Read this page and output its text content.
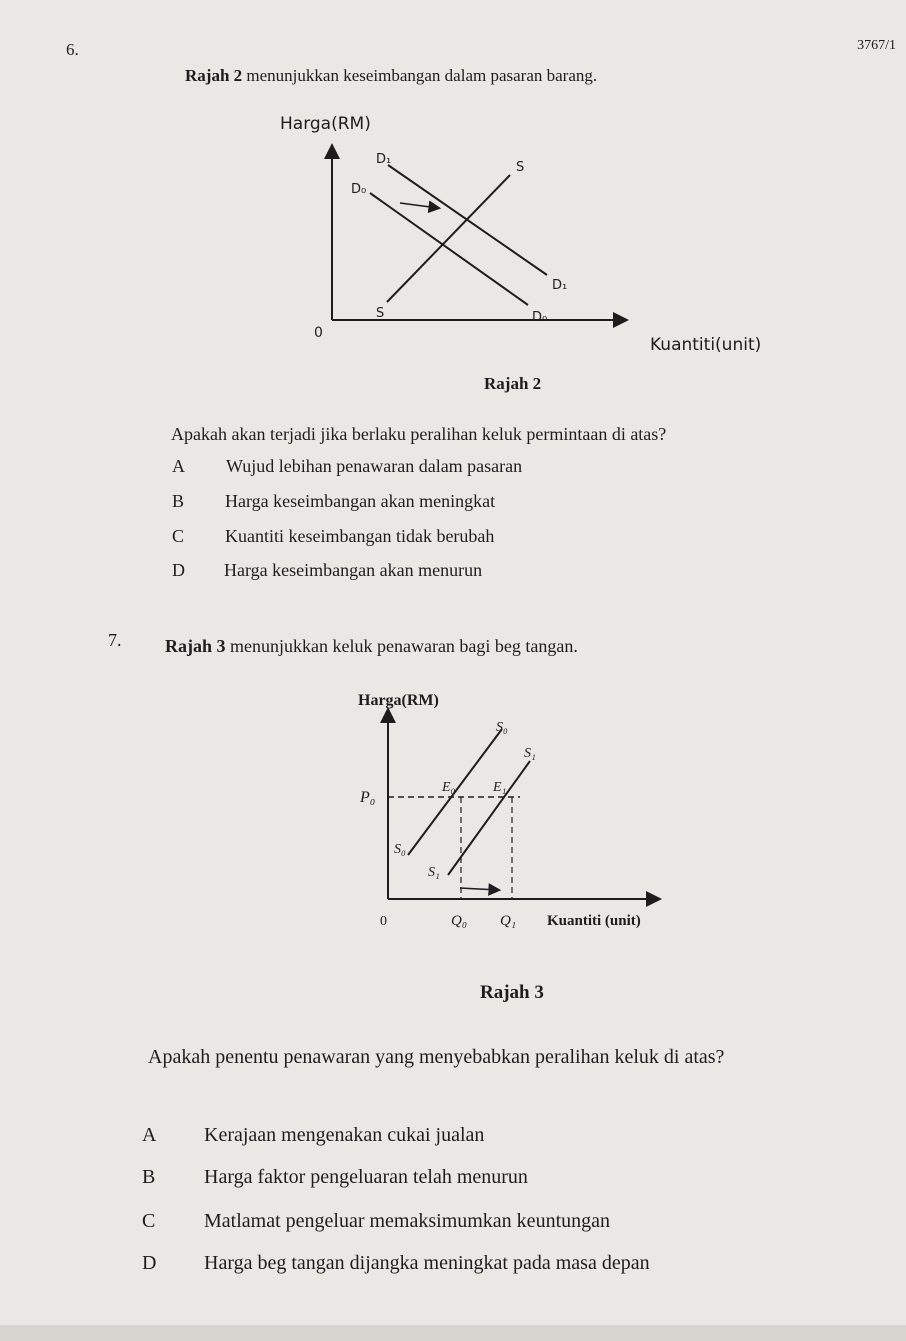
3767/1
6.
Rajah 2 menunjukkan keseimbangan dalam pasaran barang.
Harga(RM)
0
Kuantiti(unit)
D₁
D₀
S
D₁
S	D₀
Rajah 2
Apakah akan terjadi jika berlaku peralihan keluk permintaan di atas?
A Wujud lebihan penawaran dalam pasaran
B Harga keseimbangan akan meningkat
C Kuantiti keseimbangan tidak berubah
D Harga keseimbangan akan menurun
7. Rajah 3 menunjukkan keluk penawaran bagi beg tangan.
Harga(RM)
0
P₀
S₀
S₁
E₀	E₁
S₀
S₁
Q₀ Q₁ Kuantiti (unit)
Rajah 3
Apakah penentu penawaran yang menyebabkan peralihan keluk di atas?
A Kerajaan mengenakan cukai jualan
B Harga faktor pengeluaran telah menurun
C Matlamat pengeluar memaksimumkan keuntungan
D Harga beg tangan dijangka meningkat pada masa depan
